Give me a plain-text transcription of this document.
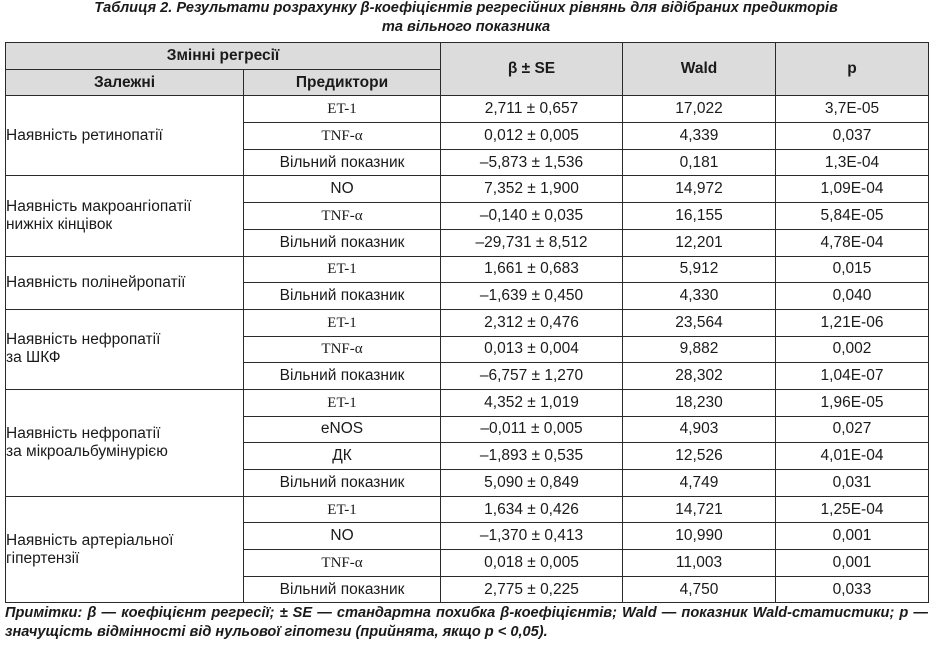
Таблиця 2. Результати розрахунку β-коефіцієнтів регресійних рівнянь для відібраних предикторів
та вільного показника
Змінні регресії		β ± SE	Wald	p
Залежні	Предиктори			

Наявність ретинопатії	ET-1	2,711 ± 0,657	17,022	3,7E-05
	TNF-α	0,012 ± 0,005	4,339	0,037
	Вільний показник	–5,873 ± 1,536	0,181	1,3E-04

Наявність макроангіопатії
нижніх кінцівок	NO	7,352 ± 1,900	14,972	1,09E-04
	TNF-α	–0,140 ± 0,035	16,155	5,84E-05
	Вільний показник	–29,731 ± 8,512	12,201	4,78E-04

Наявність полінейропатії	ET-1	1,661 ± 0,683	5,912	0,015
	Вільний показник	–1,639 ± 0,450	4,330	0,040

Наявність нефропатії
за ШКФ	ET-1	2,312 ± 0,476	23,564	1,21E-06
	TNF-α	0,013 ± 0,004	9,882	0,002
	Вільний показник	–6,757 ± 1,270	28,302	1,04E-07

Наявність нефропатії
за мікроальбумінурією	ET-1	4,352 ± 1,019	18,230	1,96E-05
	eNOS	–0,011 ± 0,005	4,903	0,027
	ДК	–1,893 ± 0,535	12,526	4,01E-04
	Вільний показник	5,090 ± 0,849	4,749	0,031

Наявність артеріальної
гіпертензії	ET-1	1,634 ± 0,426	14,721	1,25E-04
	NO	–1,370 ± 0,413	10,990	0,001
	TNF-α	0,018 ± 0,005	11,003	0,001
	Вільний показник	2,775 ± 0,225	4,750	0,033
Примітки: β — коефіцієнт регресії; ± SE — стандартна похибка β-коефіцієнтів; Wald — показник Wald-статистики; p — значущість відмінності від нульової гіпотези (прийнята, якщо p < 0,05).
